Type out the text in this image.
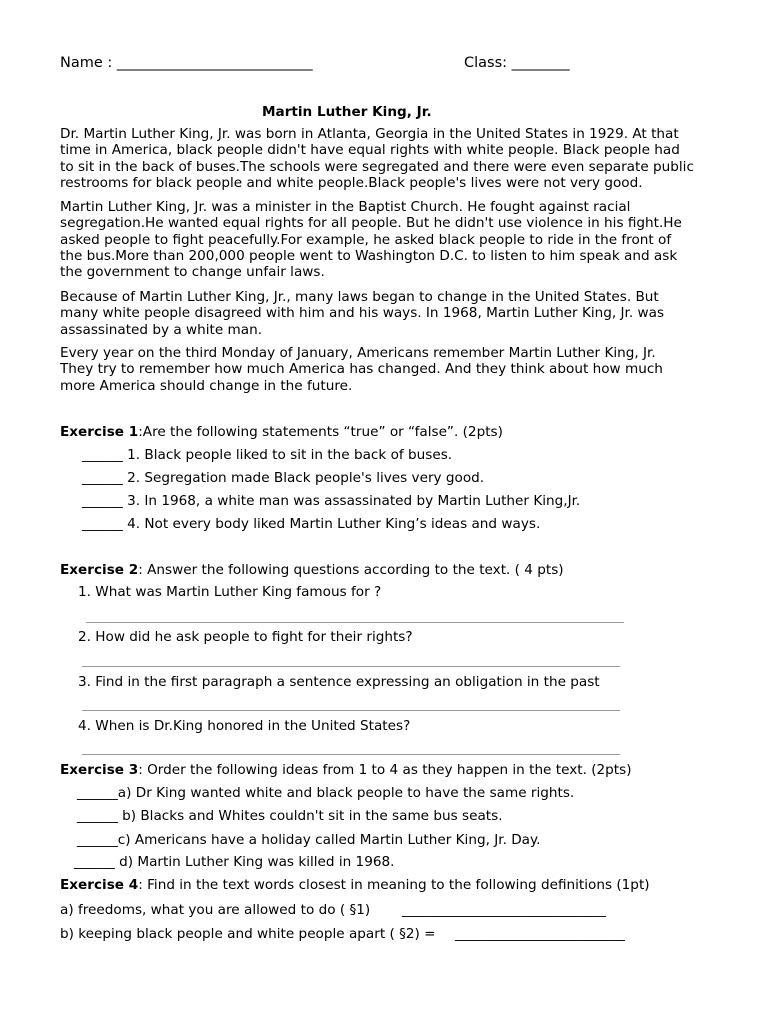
Name : ___________________________	Class: ________
Martin Luther King, Jr.
Dr. Martin Luther King, Jr. was born in Atlanta, Georgia in the United States in 1929. At that
time in America, black people didn't have equal rights with white people. Black people had
to sit in the back of buses.The schools were segregated and there were even separate public
restrooms for black people and white people.Black people's lives were not very good.
Martin Luther King, Jr. was a minister in the Baptist Church. He fought against racial
segregation.He wanted equal rights for all people. But he didn't use violence in his fight.He
asked people to fight peacefully.For example, he asked black people to ride in the front of
the bus.More than 200,000 people went to Washington D.C. to listen to him speak and ask
the government to change unfair laws.
Because of Martin Luther King, Jr., many laws began to change in the United States. But
many white people disagreed with him and his ways. In 1968, Martin Luther King, Jr. was
assassinated by a white man.
Every year on the third Monday of January, Americans remember Martin Luther King, Jr.
They try to remember how much America has changed. And they think about how much
more America should change in the future.
Exercise 1:Are the following statements “true” or “false”. (2pts)
______ 1. Black people liked to sit in the back of buses.
______ 2. Segregation made Black people's lives very good.
______ 3. In 1968, a white man was assassinated by Martin Luther King,Jr.
______ 4. Not every body liked Martin Luther King’s ideas and ways.
Exercise 2: Answer the following questions according to the text. ( 4 pts)
1. What was Martin Luther King famous for ?
2. How did he ask people to fight for their rights?
3. Find in the first paragraph a sentence expressing an obligation in the past
4. When is Dr.King honored in the United States?
Exercise 3: Order the following ideas from 1 to 4 as they happen in the text. (2pts)
______a) Dr King wanted white and black people to have the same rights.
______ b) Blacks and Whites couldn't sit in the same bus seats.
______c) Americans have a holiday called Martin Luther King, Jr. Day.
______ d) Martin Luther King was killed in 1968.
Exercise 4: Find in the text words closest in meaning to the following definitions (1pt)
a) freedoms, what you are allowed to do ( §1) ______________________________
b) keeping black people and white people apart ( §2) = _________________________
